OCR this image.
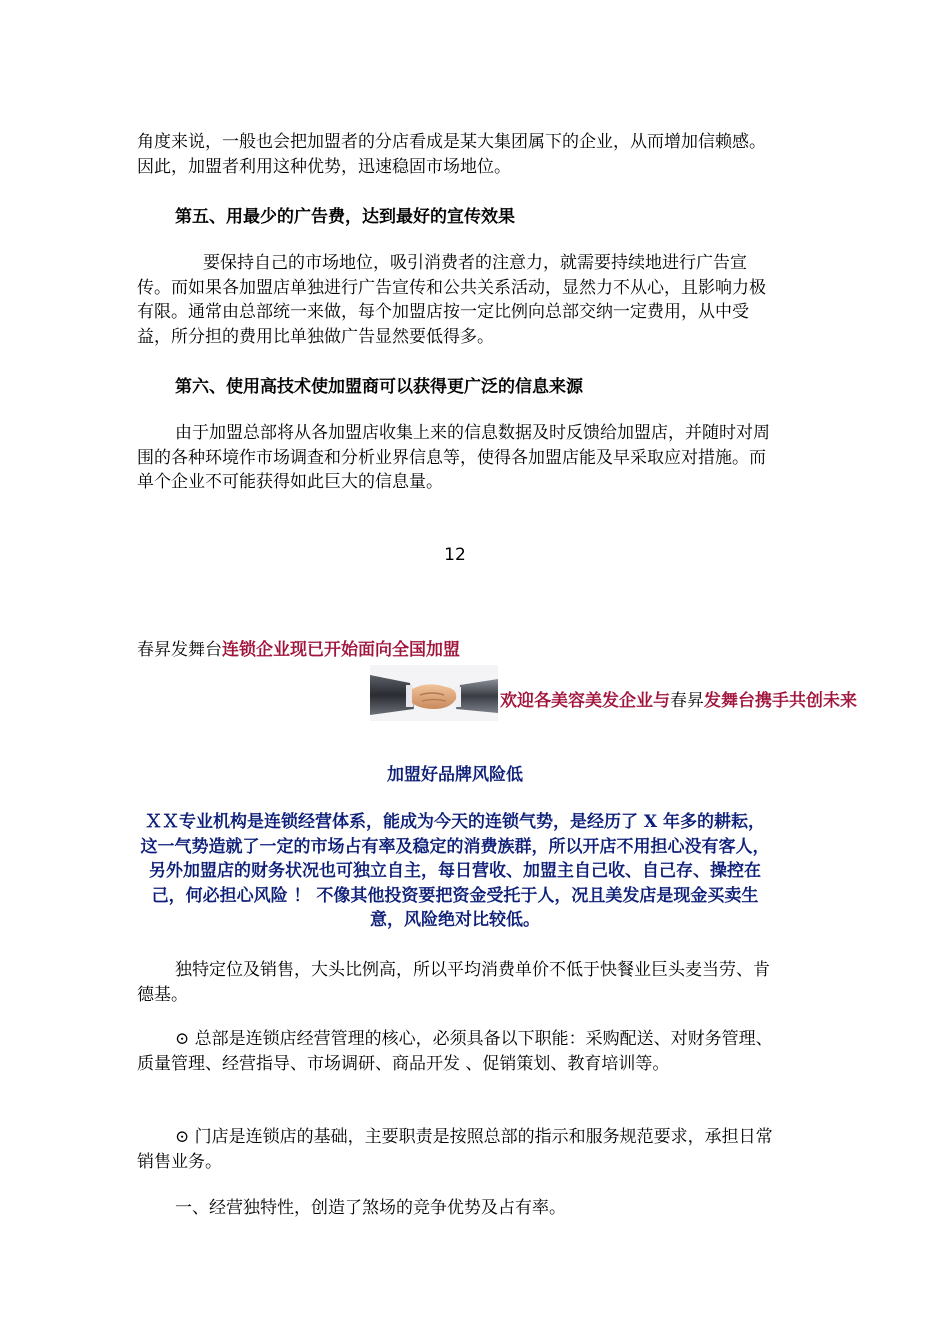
角度来说，一般也会把加盟者的分店看成是某大集团属下的企业，从而增加信赖感。因此，加盟者利用这种优势，迅速稳固市场地位。

第五、用最少的广告费，达到最好的宣传效果

要保持自己的市场地位，吸引消费者的注意力，就需要持续地进行广告宣传。而如果各加盟店单独进行广告宣传和公共关系活动，显然力不从心，且影响力极有限。通常由总部统一来做，每个加盟店按一定比例向总部交纳一定费用，从中受益，所分担的费用比单独做广告显然要低得多。

第六、使用高技术使加盟商可以获得更广泛的信息来源

由于加盟总部将从各加盟店收集上来的信息数据及时反馈给加盟店，并随时对周围的各种环境作市场调查和分析业界信息等，使得各加盟店能及早采取应对措施。而单个企业不可能获得如此巨大的信息量。

12

春昇发舞台连锁企业现已开始面向全国加盟

欢迎各美容美发企业与春昇发舞台携手共创未来

加盟好品牌风险低

ＸＸ专业机构是连锁经营体系，能成为今天的连锁气势，是经历了 X 年多的耕耘，这一气势造就了一定的市场占有率及稳定的消费族群，所以开店不用担心没有客人，另外加盟店的财务状况也可独立自主，每日营收、加盟主自己收、自己存、操控在己，何必担心风险 ！ 不像其他投资要把资金受托于人，况且美发店是现金买卖生意，风险绝对比较低。

独特定位及销售，大头比例高，所以平均消费单价不低于快餐业巨头麦当劳、肯德基。

⊙ 总部是连锁店经营管理的核心，必须具备以下职能：采购配送、对财务管理、质量管理、经营指导、市场调研、商品开发 、促销策划、教育培训等。

⊙ 门店是连锁店的基础，主要职责是按照总部的指示和服务规范要求，承担日常销售业务。

一、经营独特性，创造了煞场的竞争优势及占有率。
